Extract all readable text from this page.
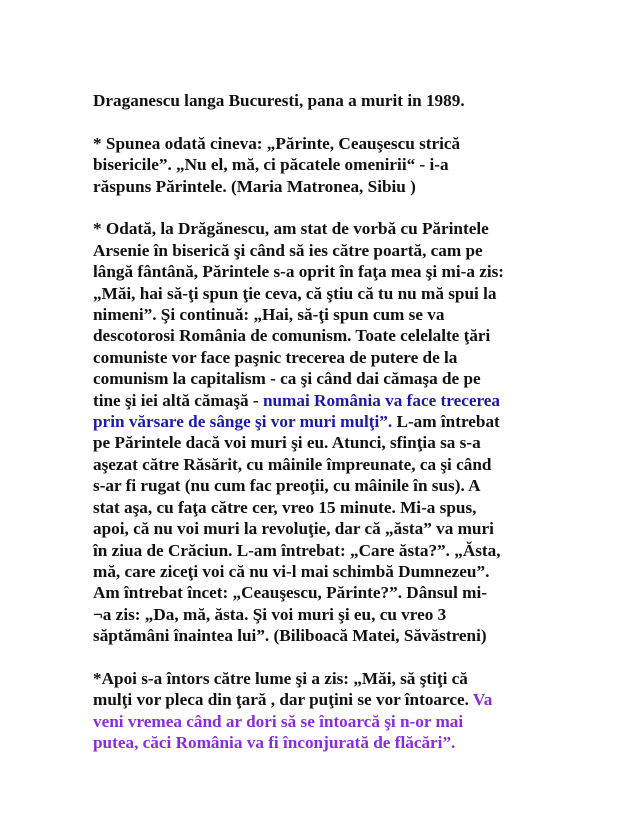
Draganescu langa Bucuresti, pana a murit in 1989.
* Spunea odată cineva: „Părinte, Ceauşescu strică
bisericile”. „Nu el, mă, ci păcatele omenirii“ - i-a
răspuns Părintele. (Maria Matronea, Sibiu )
* Odată, la Drăgănescu, am stat de vorbă cu Părintele
Arsenie în biserică şi când să ies către poartă, cam pe
lângă fântână, Părintele s-a oprit în faţa mea şi mi-a zis:
„Măi, hai să-ţi spun ţie ceva, că ştiu că tu nu mă spui la
nimeni”. Şi continuă: „Hai, să-ţi spun cum se va
descotorosi România de comunism. Toate celelalte ţări
comuniste vor face paşnic trecerea de putere de la
comunism la capitalism - ca şi când dai cămaşa de pe
tine şi iei altă cămaşă - numai România va face trecerea
prin vărsare de sânge şi vor muri mulţi”. L-am întrebat
pe Părintele dacă voi muri şi eu. Atunci, sfinţia sa s-a
aşezat către Răsărit, cu mâinile împreunate, ca şi când
s-ar fi rugat (nu cum fac preoţii, cu mâinile în sus). A
stat aşa, cu faţa către cer, vreo 15 minute. Mi-a spus,
apoi, că nu voi muri la revoluţie, dar că „ăsta” va muri
în ziua de Crăciun. L-am întrebat: „Care ăsta?”. „Ăsta,
mă, care ziceţi voi că nu vi-l mai schimbă Dumnezeu”.
Am întrebat încet: „Ceauşescu, Părinte?”. Dânsul mi-
¬a zis: „Da, mă, ăsta. Şi voi muri şi eu, cu vreo 3
săptămâni înaintea lui”. (Biliboacă Matei, Săvăstreni)
*Apoi s-a întors către lume şi a zis: „Măi, să ştiţi că
mulţi vor pleca din ţară , dar puţini se vor întoarce. Va
veni vremea când ar dori să se întoarcă şi n-or mai
putea, căci România va fi înconjurată de flăcări”.
